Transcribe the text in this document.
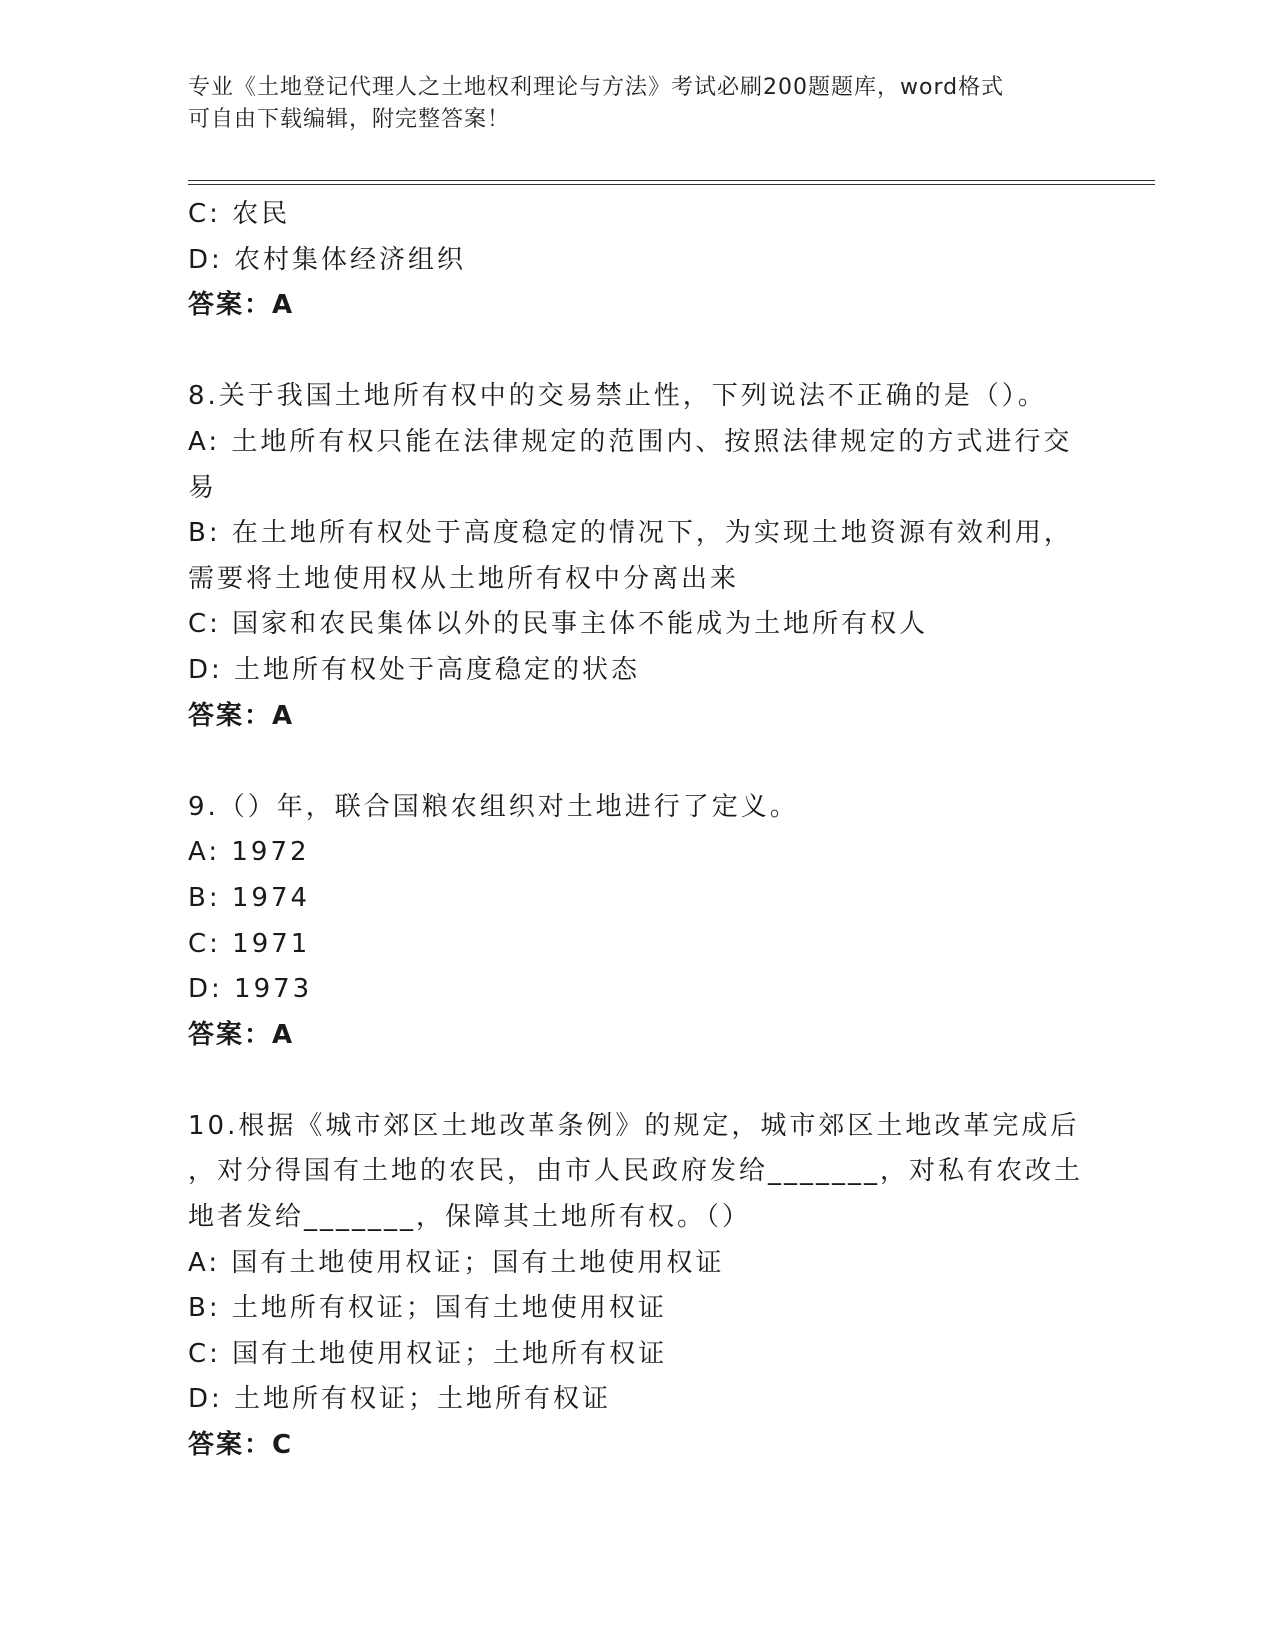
专业《土地登记代理人之土地权利理论与方法》考试必刷200题题库，word格式
可自由下载编辑，附完整答案！
C: 农民
D: 农村集体经济组织
答案：A
8.关于我国土地所有权中的交易禁止性，下列说法不正确的是（）。
A: 土地所有权只能在法律规定的范围内、按照法律规定的方式进行交
易
B: 在土地所有权处于高度稳定的情况下，为实现土地资源有效利用，
需要将土地使用权从土地所有权中分离出来
C: 国家和农民集体以外的民事主体不能成为土地所有权人
D: 土地所有权处于高度稳定的状态
答案：A
9.（）年，联合国粮农组织对土地进行了定义。
A: 1972
B: 1974
C: 1971
D: 1973
答案：A
10.根据《城市郊区土地改革条例》的规定，城市郊区土地改革完成后
，对分得国有土地的农民，由市人民政府发给_______，对私有农改土
地者发给_______，保障其土地所有权。（）
A: 国有土地使用权证；国有土地使用权证
B: 土地所有权证；国有土地使用权证
C: 国有土地使用权证；土地所有权证
D: 土地所有权证；土地所有权证
答案：C
